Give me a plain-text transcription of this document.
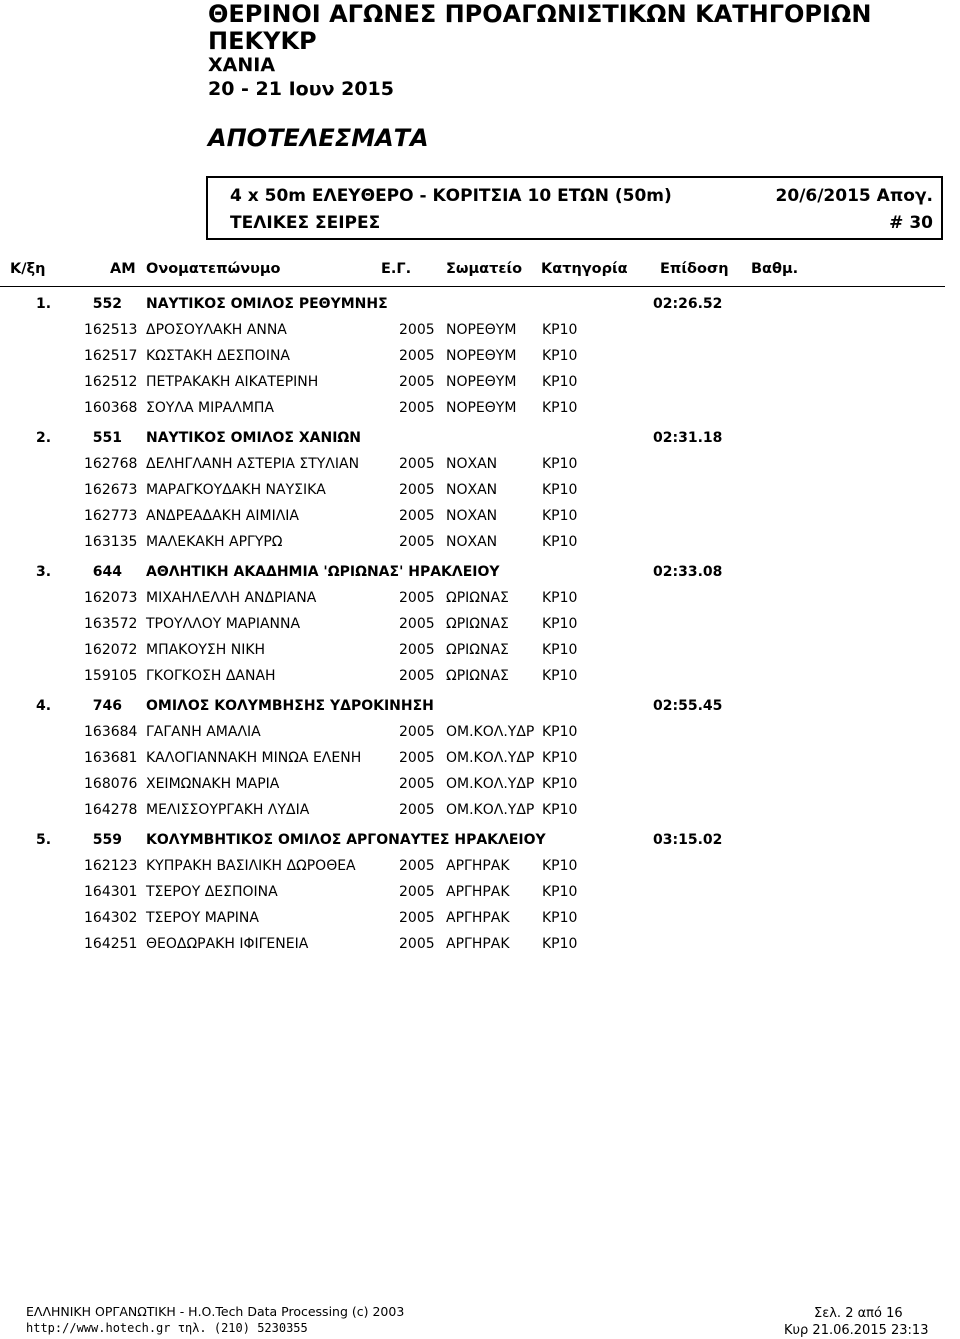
ΘΕΡΙΝΟΙ ΑΓΩΝΕΣ ΠΡΟΑΓΩΝΙΣΤΙΚΩΝ ΚΑΤΗΓΟΡΙΩΝ
ΠΕΚΥΚΡ
ΧΑΝΙΑ
20 - 21 Ιουν 2015
ΑΠΟΤΕΛΕΣΜΑΤΑ
4 x 50m ΕΛΕΥΘΕΡΟ - ΚΟΡΙΤΣΙΑ 10 ΕΤΩΝ (50m)	20/6/2015 Απογ.
ΤΕΛΙΚΕΣ ΣΕΙΡΕΣ	# 30
Κ/ξη	ΑΜ Ονοματεπώνυμο	Ε.Γ. Σωματείο Κατηγορία Επίδοση Βαθμ.
1.	552 ΝΑΥΤΙΚΟΣ ΟΜΙΛΟΣ ΡΕΘΥΜΝΗΣ	02:26.52
162513 ΔΡΟΣΟΥΛΑΚΗ ΑΝΝΑ	2005 ΝΟΡΕΘΥΜ ΚΡ10
162517 ΚΩΣΤΑΚΗ ΔΕΣΠΟΙΝΑ	2005 ΝΟΡΕΘΥΜ ΚΡ10
162512 ΠΕΤΡΑΚΑΚΗ ΑΙΚΑΤΕΡΙΝΗ	2005 ΝΟΡΕΘΥΜ ΚΡ10
160368 ΣΟΥΛΑ ΜΙΡΑΛΜΠΑ	2005 ΝΟΡΕΘΥΜ ΚΡ10
2.	551 ΝΑΥΤΙΚΟΣ ΟΜΙΛΟΣ ΧΑΝΙΩΝ	02:31.18
162768 ΔΕΛΗΓΛΑΝΗ ΑΣΤΕΡΙΑ ΣΤΥΛΙΑΝ	2005 ΝΟΧΑΝ	ΚΡ10
162673 ΜΑΡΑΓΚΟΥΔΑΚΗ ΝΑΥΣΙΚΑ	2005 ΝΟΧΑΝ	ΚΡ10
162773 ΑΝΔΡΕΑΔΑΚΗ ΑΙΜΙΛΙΑ	2005 ΝΟΧΑΝ	ΚΡ10
163135 ΜΑΛΕΚΑΚΗ ΑΡΓΥΡΩ	2005 ΝΟΧΑΝ	ΚΡ10
3.	644 ΑΘΛΗΤΙΚΗ ΑΚΑΔΗΜΙΑ 'ΩΡΙΩΝΑΣ' ΗΡΑΚΛΕΙΟΥ	02:33.08
162073 ΜΙΧΑΗΛΕΛΛΗ ΑΝΔΡΙΑΝΑ	2005 ΩΡΙΩΝΑΣ ΚΡ10
163572 ΤΡΟΥΛΛΟΥ ΜΑΡΙΑΝΝΑ	2005 ΩΡΙΩΝΑΣ ΚΡ10
162072 ΜΠΑΚΟΥΣΗ ΝΙΚΗ	2005 ΩΡΙΩΝΑΣ ΚΡ10
159105 ΓΚΟΓΚΟΣΗ ΔΑΝΑΗ	2005 ΩΡΙΩΝΑΣ ΚΡ10
4.	746 ΟΜΙΛΟΣ ΚΟΛΥΜΒΗΣΗΣ ΥΔΡΟΚΙΝΗΣΗ	02:55.45
163684 ΓΑΓΑΝΗ ΑΜΑΛΙΑ	2005 ΟΜ.ΚΟΛ.ΥΔΡ ΚΡ10
163681 ΚΑΛΟΓΙΑΝΝΑΚΗ ΜΙΝΩΑ ΕΛΕΝΗ	2005 ΟΜ.ΚΟΛ.ΥΔΡ ΚΡ10
168076 ΧΕΙΜΩΝΑΚΗ ΜΑΡΙΑ	2005 ΟΜ.ΚΟΛ.ΥΔΡ ΚΡ10
164278 ΜΕΛΙΣΣΟΥΡΓΑΚΗ ΛΥΔΙΑ	2005 ΟΜ.ΚΟΛ.ΥΔΡ ΚΡ10
5.	559 ΚΟΛΥΜΒΗΤΙΚΟΣ ΟΜΙΛΟΣ ΑΡΓΟΝΑΥΤΕΣ ΗΡΑΚΛΕΙΟΥ	03:15.02
162123 ΚΥΠΡΑΚΗ ΒΑΣΙΛΙΚΗ ΔΩΡΟΘΕΑ	2005 ΑΡΓΗΡΑΚ ΚΡ10
164301 ΤΣΕΡΟΥ ΔΕΣΠΟΙΝΑ	2005 ΑΡΓΗΡΑΚ ΚΡ10
164302 ΤΣΕΡΟΥ ΜΑΡΙΝΑ	2005 ΑΡΓΗΡΑΚ ΚΡ10
164251 ΘΕΟΔΩΡΑΚΗ ΙΦΙΓΕΝΕΙΑ	2005 ΑΡΓΗΡΑΚ ΚΡ10
ΕΛΛΗΝΙΚΗ ΟΡΓΑΝΩΤΙΚΗ - Η.Ο.Tech Data Processing (c) 2003
http://www.hotech.gr τηλ. (210) 5230355
Σελ. 2 από 16
Κυρ 21.06.2015 23:13
